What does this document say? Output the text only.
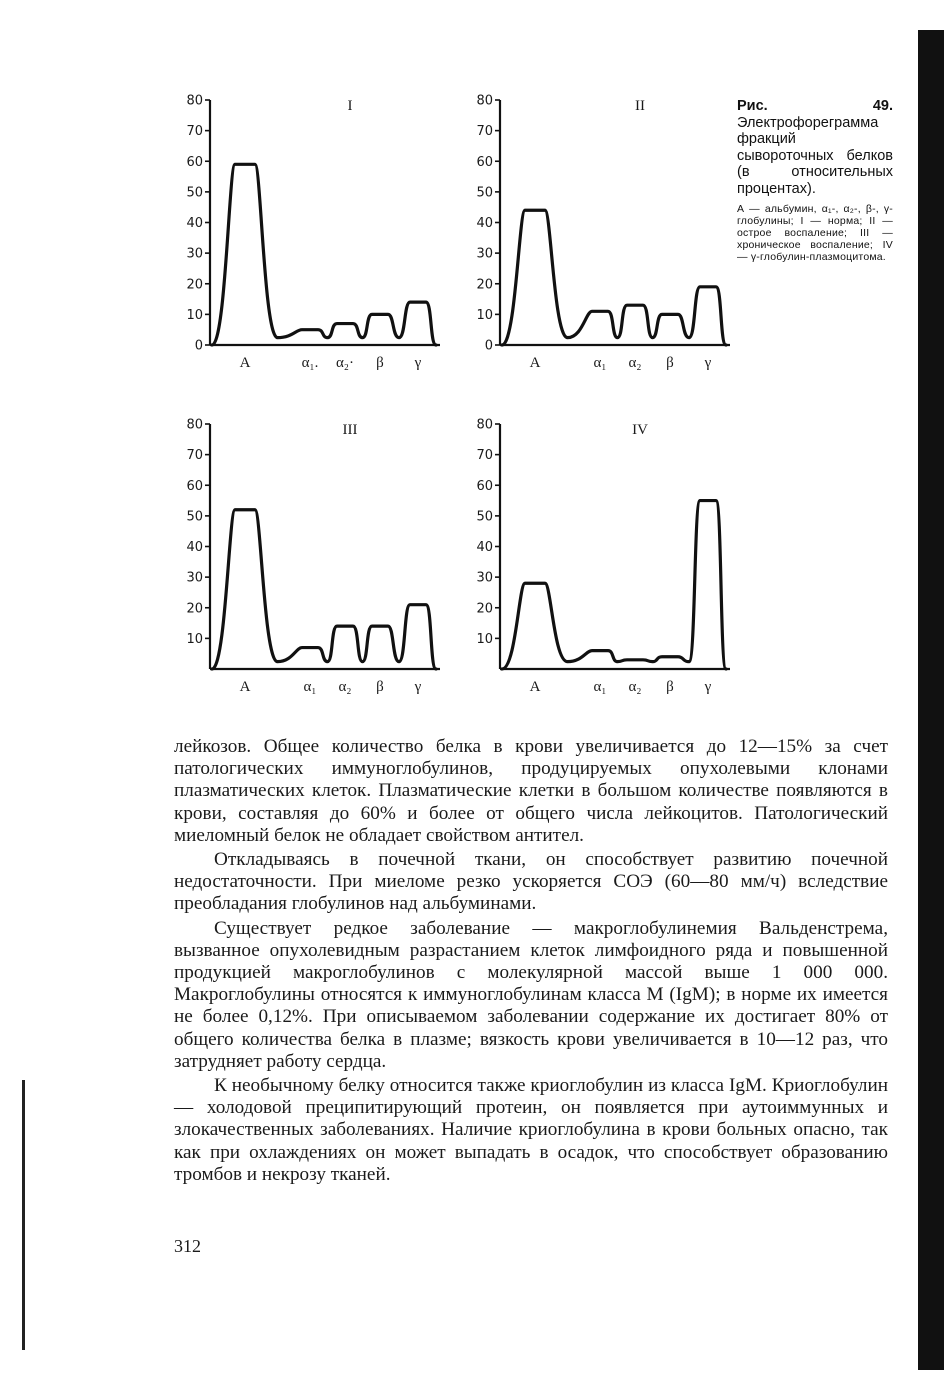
I
0
10
20
30
40
50
60
70
80
A	α₁. α₂· β γ
II
0
10
20
30
40
50
60
70
80
A	α₁ α₂ β γ
III
10
20
30
40
50
60
70
80
A	α₁ α₂ β γ
IV
10
20
30
40
50
60
70
80
A	α₁ α₂ β γ
Рис. 49. Электрофореграмма фракций сывороточных белков (в относительных процентах).
А — альбумин, α₁-, α₂-, β-, γ-глобулины; I — норма; II — острое воспаление; III — хроническое воспаление; IV — γ-глобулин-плазмоцитома.

лейкозов. Общее количество белка в крови увеличивается до 12—15% за счет патологических иммуноглобулинов, продуцируемых опухолевыми клонами плазматических клеток. Плазматические клетки в большом количестве появляются в крови, составляя до 60% и более от общего числа лейкоцитов. Патологический миеломный белок не обладает свойством антител.

Откладываясь в почечной ткани, он способствует развитию почечной недостаточности. При миеломе резко ускоряется СОЭ (60—80 мм/ч) вследствие преобладания глобулинов над альбуминами.

Существует редкое заболевание — макроглобулинемия Вальденстрема, вызванное опухолевидным разрастанием клеток лимфоидного ряда и повышенной продукцией макроглобулинов с молекулярной массой выше 1 000 000. Макроглобулины относятся к иммуноглобулинам класса M (IgM); в норме их имеется не более 0,12%. При описываемом заболевании содержание их достигает 80% от общего количества белка в плазме; вязкость крови увеличивается в 10—12 раз, что затрудняет работу сердца.

К необычному белку относится также криоглобулин из класса IgM. Криоглобулин — холодовой преципитирующий протеин, он появляется при аутоиммунных и злокачественных заболеваниях. Наличие криоглобулина в крови больных опасно, так как при охлаждениях он может выпадать в осадок, что способствует образованию тромбов и некрозу тканей.

312
